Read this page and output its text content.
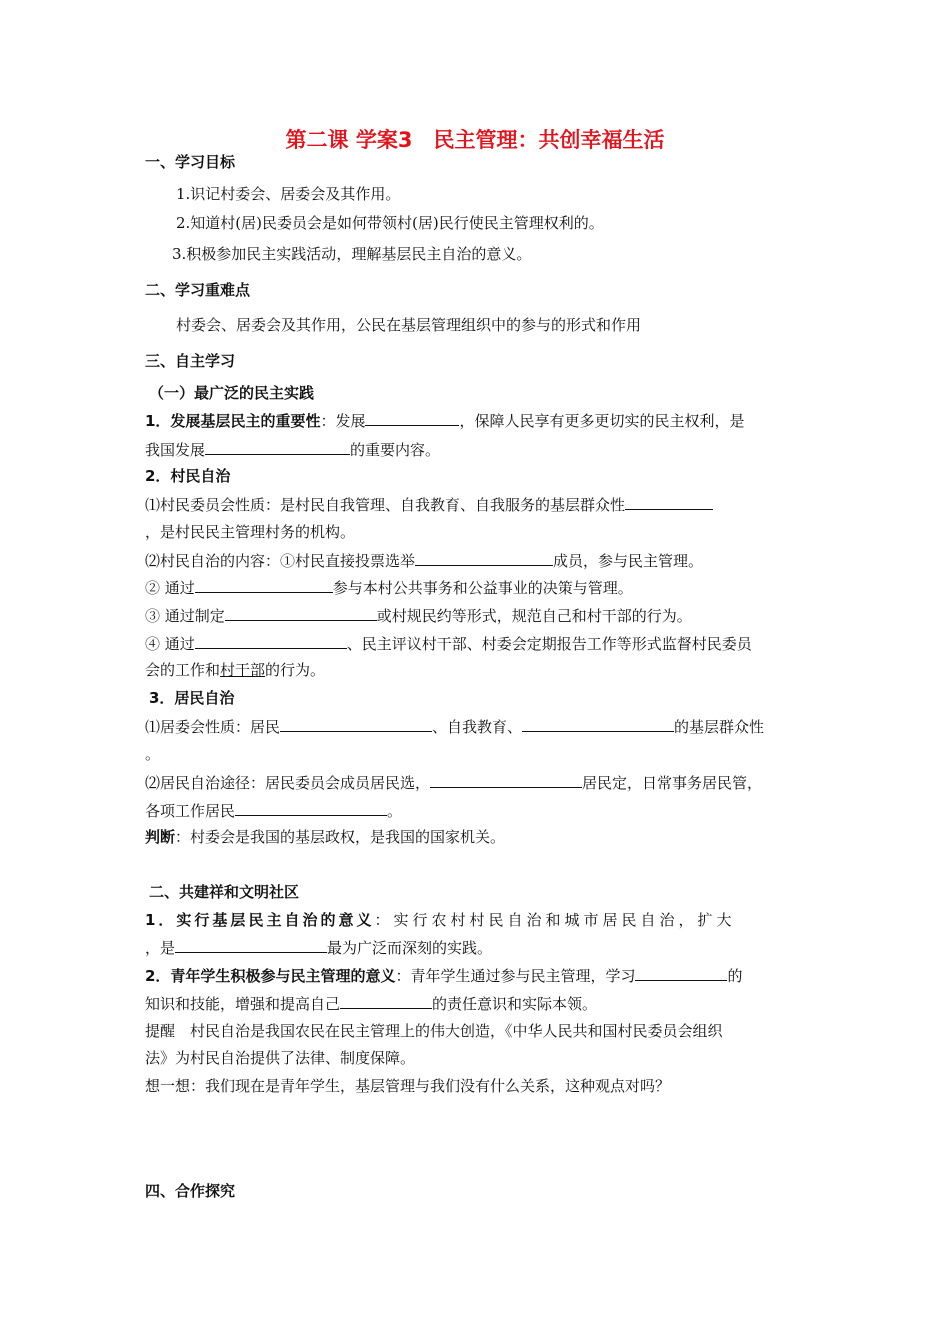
第二课 学案3　民主管理：共创幸福生活
一、学习目标
1.识记村委会、居委会及其作用。
2.知道村(居)民委员会是如何带领村(居)民行使民主管理权利的。
3.积极参加民主实践活动，理解基层民主自治的意义。
二、学习重难点
村委会、居委会及其作用，公民在基层管理组织中的参与的形式和作用
三、自主学习
（一）最广泛的民主实践
1．发展基层民主的重要性：发展	，保障人民享有更多更切实的民主权利，是
我国发展	的重要内容。
2．村民自治
⑴村民委员会性质：是村民自我管理、自我教育、自我服务的基层群众性
，是村民民主管理村务的机构。
⑵村民自治的内容：①村民直接投票选举	成员，参与民主管理。
② 通过	参与本村公共事务和公益事业的决策与管理。
③ 通过制定	或村规民约等形式，规范自己和村干部的行为。
④ 通过	、民主评议村干部、村委会定期报告工作等形式监督村民委员
会的工作和村干部的行为。
3．居民自治
⑴居委会性质：居民	、自我教育、	的基层群众性
。
⑵居民自治途径：居民委员会成员居民选，	居民定，日常事务居民管，
各项工作居民	。
判断：村委会是我国的基层政权，是我国的国家机关。
二、共建祥和文明社区
1．实行基层民主自治的意义：实行农村村民自治和城市居民自治，扩大
，是	最为广泛而深刻的实践。
2．青年学生积极参与民主管理的意义：青年学生通过参与民主管理，学习	的
知识和技能，增强和提高自己	的责任意识和实际本领。
提醒　村民自治是我国农民在民主管理上的伟大创造，《中华人民共和国村民委员会组织
法》为村民自治提供了法律、制度保障。
想一想：我们现在是青年学生，基层管理与我们没有什么关系，这种观点对吗？
四、合作探究
